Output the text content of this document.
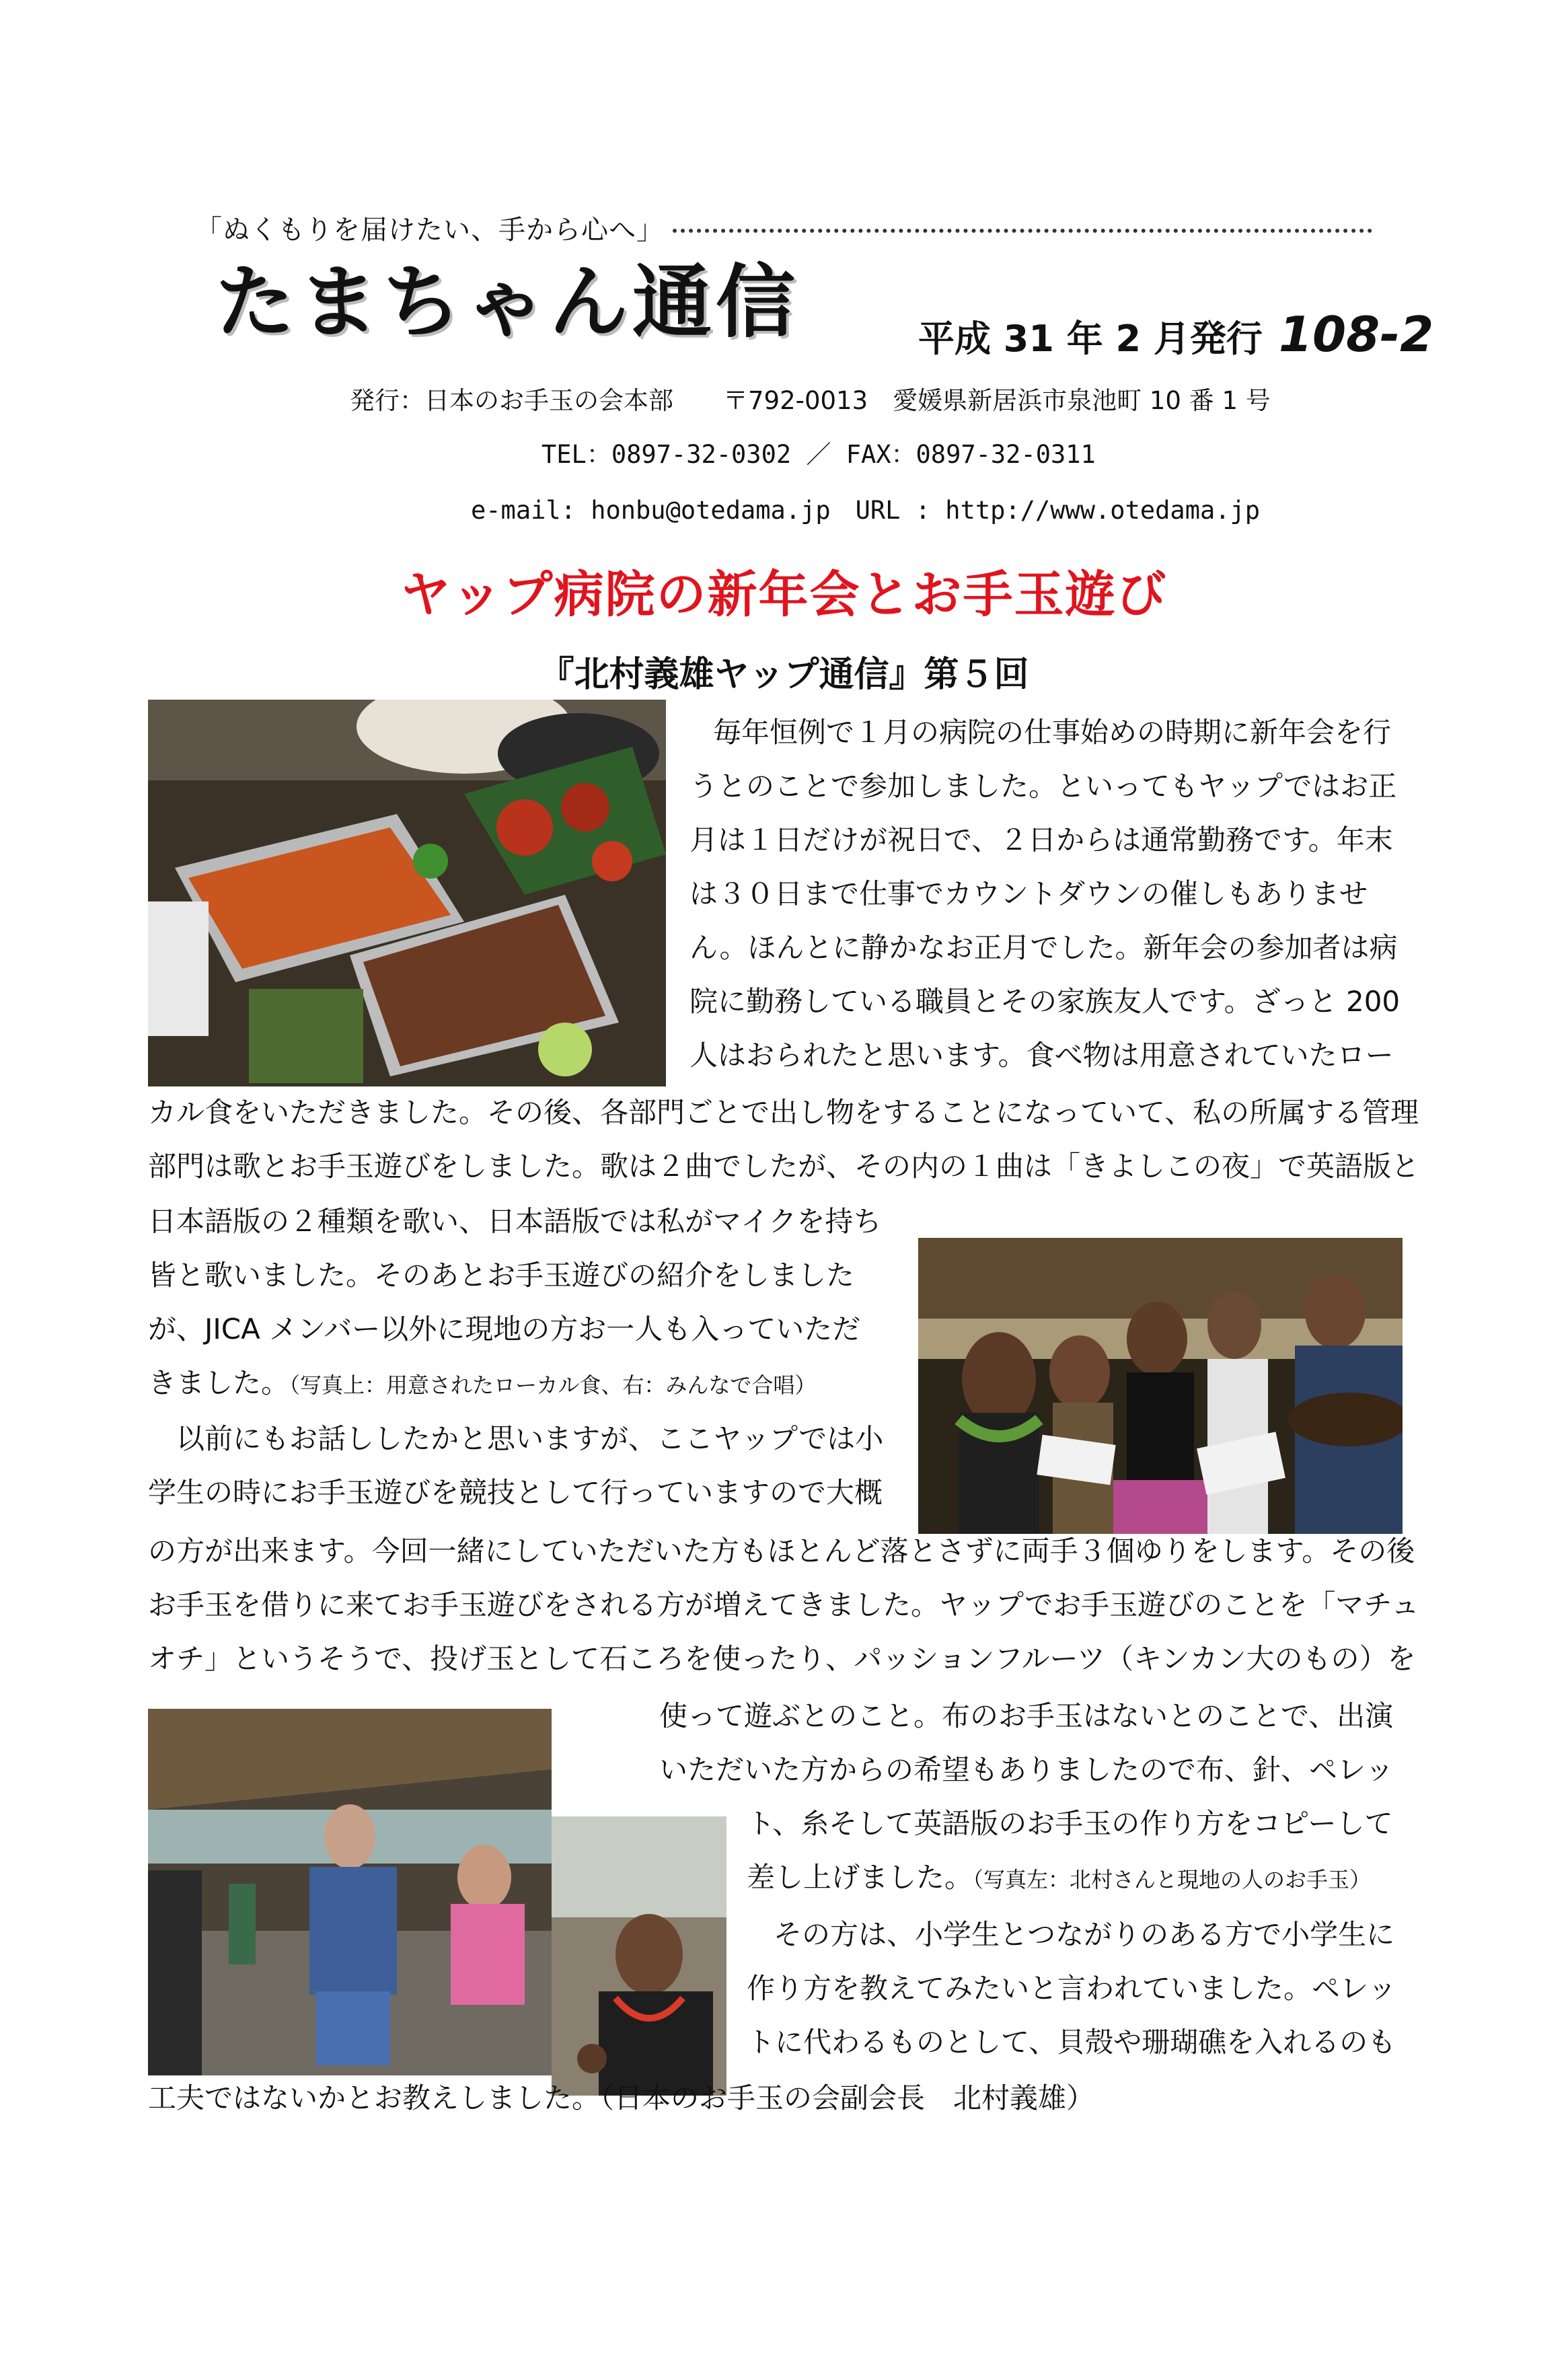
「ぬくもりを届けたい、手から心へ」
たまちゃん通信	平成 31 年 2 月発行 108-2
発行：日本のお手玉の会本部　　〒792-0013　愛媛県新居浜市泉池町 10 番 1 号
TEL：0897-32-0302 ／ FAX：0897-32-0311
e-mail: honbu@otedama.jp　URL : http://www.otedama.jp
ヤップ病院の新年会とお手玉遊び
『北村義雄ヤップ通信』第５回
毎年恒例で１月の病院の仕事始めの時期に新年会を行
うとのことで参加しました。といってもヤップではお正
月は１日だけが祝日で、２日からは通常勤務です。年末
は３０日まで仕事でカウントダウンの催しもありませ
ん。ほんとに静かなお正月でした。新年会の参加者は病
院に勤務している職員とその家族友人です。ざっと 200
人はおられたと思います。食べ物は用意されていたロー
カル食をいただきました。その後、各部門ごとで出し物をすることになっていて、私の所属する管理
部門は歌とお手玉遊びをしました。歌は２曲でしたが、その内の１曲は「きよしこの夜」で英語版と
日本語版の２種類を歌い、日本語版では私がマイクを持ち
皆と歌いました。そのあとお手玉遊びの紹介をしました
が、JICA メンバー以外に現地の方お一人も入っていただ
きました。（写真上：用意されたローカル食、右：みんなで合唱）
以前にもお話ししたかと思いますが、ここヤップでは小
学生の時にお手玉遊びを競技として行っていますので大概
の方が出来ます。今回一緒にしていただいた方もほとんど落とさずに両手３個ゆりをします。その後
お手玉を借りに来てお手玉遊びをされる方が増えてきました。ヤップでお手玉遊びのことを「マチュ
オチ」というそうで、投げ玉として石ころを使ったり、パッションフルーツ（キンカン大のもの）を
使って遊ぶとのこと。布のお手玉はないとのことで、出演
いただいた方からの希望もありましたので布、針、ペレッ
ト、糸そして英語版のお手玉の作り方をコピーして
差し上げました。（写真左：北村さんと現地の人のお手玉）
その方は、小学生とつながりのある方で小学生に
作り方を教えてみたいと言われていました。ペレッ
トに代わるものとして、貝殻や珊瑚礁を入れるのも
工夫ではないかとお教えしました。（日本のお手玉の会副会長　北村義雄）
